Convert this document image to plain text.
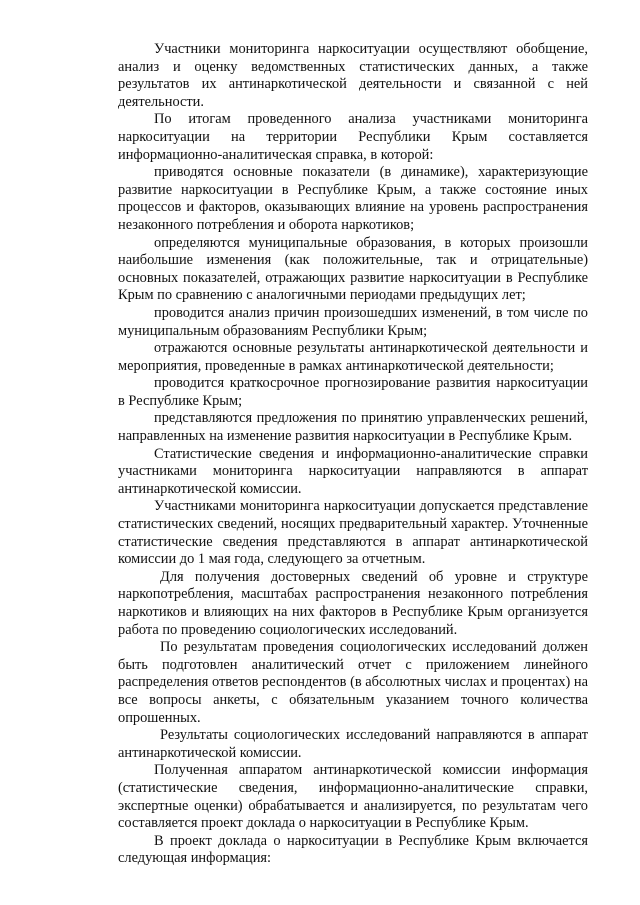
Участники мониторинга наркоситуации осуществляют обобщение, анализ и оценку ведомственных статистических данных, а также результатов их антинаркотической деятельности и связанной с ней деятельности.

По итогам проведенного анализа участниками мониторинга наркоситуации на территории Республики Крым составляется информационно-аналитическая справка, в которой:

приводятся основные показатели (в динамике), характеризующие развитие наркоситуации в Республике Крым, а также состояние иных процессов и факторов, оказывающих влияние на уровень распространения незаконного потребления и оборота наркотиков;

определяются муниципальные образования, в которых произошли наибольшие изменения (как положительные, так и отрицательные) основных показателей, отражающих развитие наркоситуации в Республике Крым по сравнению с аналогичными периодами предыдущих лет;

проводится анализ причин произошедших изменений, в том числе по муниципальным образованиям Республики Крым;

отражаются основные результаты антинаркотической деятельности и мероприятия, проведенные в рамках антинаркотической деятельности;

проводится краткосрочное прогнозирование развития наркоситуации в Республике Крым;

представляются предложения по принятию управленческих решений, направленных на изменение развития наркоситуации в Республике Крым.

Статистические сведения и информационно-аналитические справки участниками мониторинга наркоситуации направляются в аппарат антинаркотической комиссии.

Участниками мониторинга наркоситуации допускается представление статистических сведений, носящих предварительный характер. Уточненные статистические сведения представляются в аппарат антинаркотической комиссии до 1 мая года, следующего за отчетным.

Для получения достоверных сведений об уровне и структуре наркопотребления, масштабах распространения незаконного потребления наркотиков и влияющих на них факторов в Республике Крым организуется работа по проведению социологических исследований.

По результатам проведения социологических исследований должен быть подготовлен аналитический отчет с приложением линейного распределения ответов респондентов (в абсолютных числах и процентах) на все вопросы анкеты, с обязательным указанием точного количества опрошенных.

Результаты социологических исследований направляются в аппарат антинаркотической комиссии.

Полученная аппаратом антинаркотической комиссии информация (статистические сведения, информационно-аналитические справки, экспертные оценки) обрабатывается и анализируется, по результатам чего составляется проект доклада о наркоситуации в Республике Крым.

В проект доклада о наркоситуации в Республике Крым включается следующая информация:
